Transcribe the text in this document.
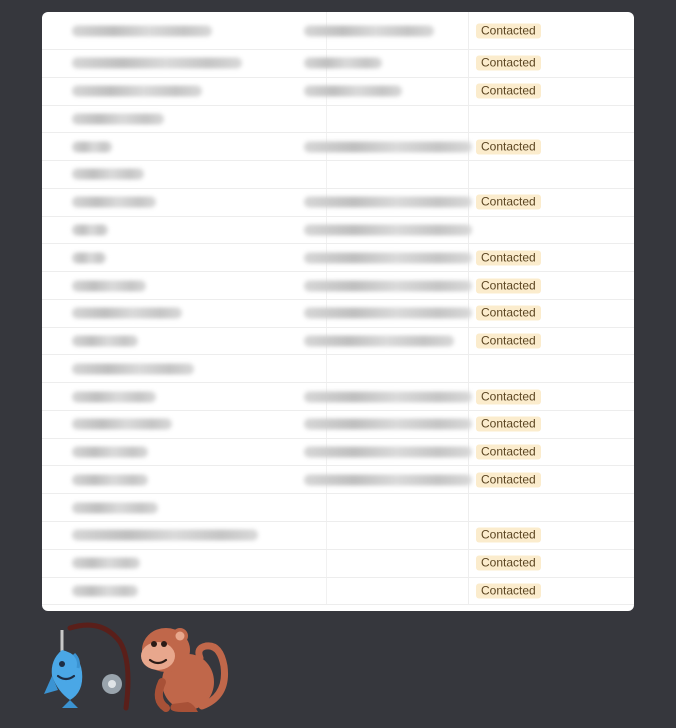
Contacted
Contacted
Contacted
Contacted
Contacted
Contacted
Contacted
Contacted
Contacted
Contacted
Contacted
Contacted
Contacted
Contacted
Contacted
Contacted
